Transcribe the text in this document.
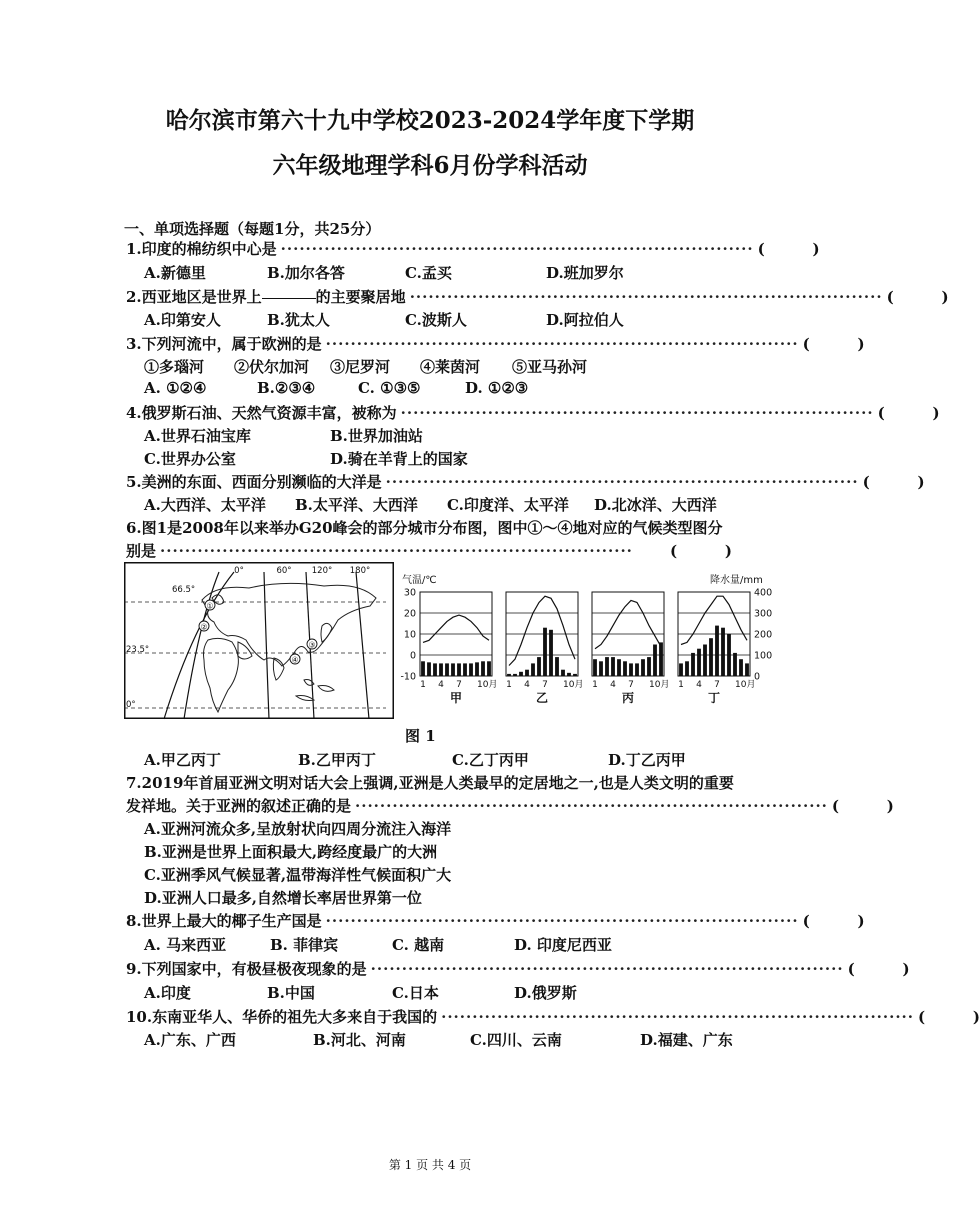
哈尔滨市第六十九中学校2023-2024学年度下学期
六年级地理学科6月份学科活动
一、单项选择题（每题1分，共25分）
1.印度的棉纺织中心是 ············································································ (	)
A.新德里	B.加尔各答	C.孟买	D.班加罗尔
2.西亚地区是世界上	的主要聚居地 ············································································ (	)
A.印第安人	B.犹太人	C.波斯人	D.阿拉伯人
3.下列河流中，属于欧洲的是 ············································································ (	)
①多瑙河 ②伏尔加河 ③尼罗河 ④莱茵河 ⑤亚马孙河
A. ①②④	B.②③④	C. ①③⑤	D. ①②③
4.俄罗斯石油、天然气资源丰富，被称为 ············································································ (	)
A.世界石油宝库	B.世界加油站
C.世界办公室	D.骑在羊背上的国家
5.美洲的东面、西面分别濒临的大洋是 ············································································ (	)
A.大西洋、太平洋 B.太平洋、大西洋 C.印度洋、太平洋 D.北冰洋、大西洋
6.图1是2008年以来举办G20峰会的部分城市分布图，图中①～④地对应的气候类型图分
别是 ············································································	(	)
①
②
③
④
0°	60° 120° 180°
66.5°
23.5°
0°
气温/℃	降水量/mm
30
20
10
0
-10
400
300
200
100
0
1 4 7 10月
甲
1 4 7 10月
乙
1 4 7 10月
丙
1 4 7 10月
丁
图 1
A.甲乙丙丁	B.乙甲丙丁	C.乙丁丙甲	D.丁乙丙甲
7.2019年首届亚洲文明对话大会上强调,亚洲是人类最早的定居地之一,也是人类文明的重要
发祥地。关于亚洲的叙述正确的是 ············································································ (	)
A.亚洲河流众多,呈放射状向四周分流注入海洋
B.亚洲是世界上面积最大,跨经度最广的大洲
C.亚洲季风气候显著,温带海洋性气候面积广大
D.亚洲人口最多,自然增长率居世界第一位
8.世界上最大的椰子生产国是 ············································································ (	)
A. 马来西亚	B. 菲律宾	C. 越南	D. 印度尼西亚
9.下列国家中，有极昼极夜现象的是 ············································································ (	)
A.印度	B.中国	C.日本	D.俄罗斯
10.东南亚华人、华侨的祖先大多来自于我国的 ············································································ (	)
A.广东、广西	B.河北、河南	C.四川、云南	D.福建、广东
第 1 页 共 4 页
